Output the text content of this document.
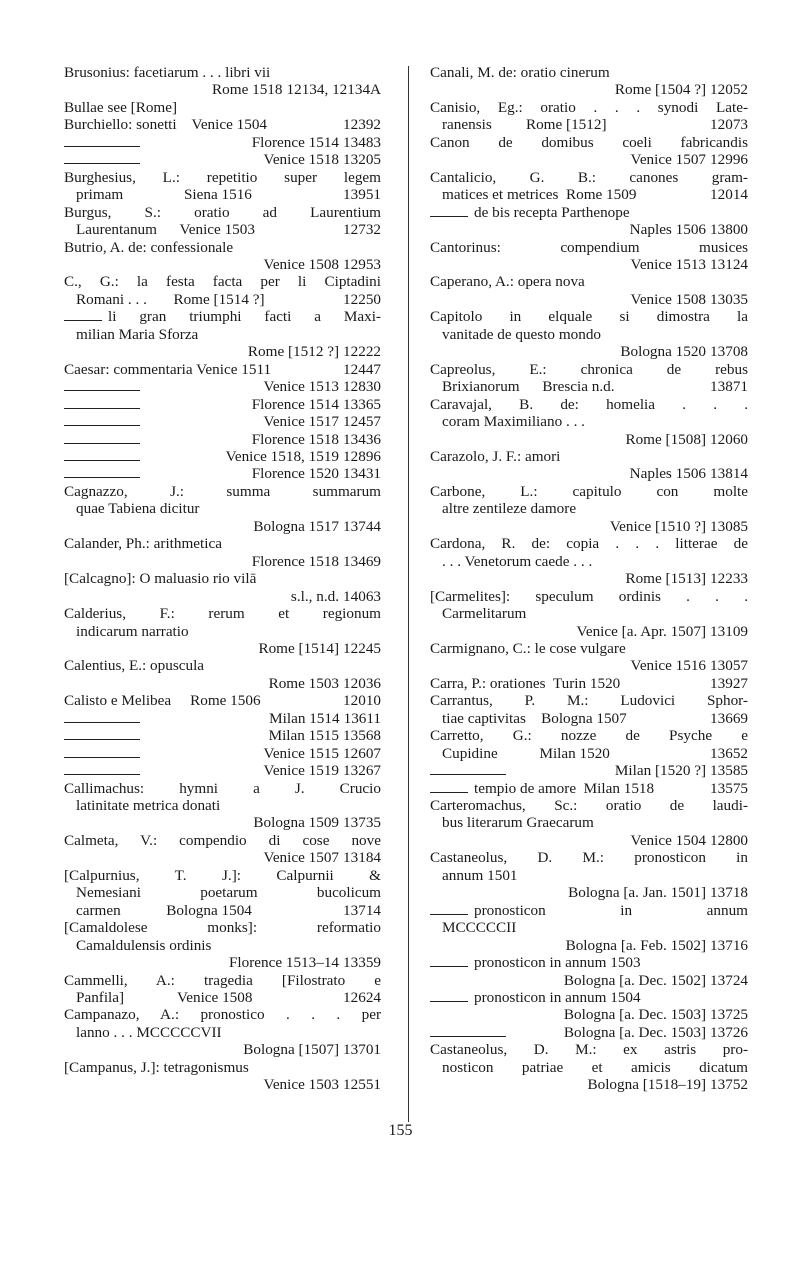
Brusonius: facetiarum . . . libri vii
Rome 1518 12134, 12134A
Bullae see [Rome]
Burchiello: sonetti    Venice 1504	12392
Florence 1514 13483
Venice 1518 13205
Burghesius, L.: repetitio super legem
primam                Siena 1516	13951
Burgus, S.: oratio ad Laurentium
Laurentanum      Venice 1503	12732
Butrio, A. de: confessionale
Venice 1508 12953
C., G.: la festa facta per li Ciptadini
Romani . . .       Rome [1514 ?]	12250
li gran triumphi facti a Maxi-
milian Maria Sforza
Rome [1512 ?] 12222
Caesar: commentaria Venice 1511	12447
Venice 1513 12830
Florence 1514 13365
Venice 1517 12457
Florence 1518 13436
Venice 1518, 1519 12896
Florence 1520 13431
Cagnazzo, J.: summa summarum
quae Tabiena dicitur
Bologna 1517 13744
Calander, Ph.: arithmetica
Florence 1518 13469
[Calcagno]: O maluasio rio vilā
s.l., n.d. 14063
Calderius, F.: rerum et regionum
indicarum narratio
Rome [1514] 12245
Calentius, E.: opuscula
Rome 1503 12036
Calisto e Melibea     Rome 1506	12010
Milan 1514 13611
Milan 1515 13568
Venice 1515 12607
Venice 1519 13267
Callimachus: hymni a J. Crucio
latinitate metrica donati
Bologna 1509 13735
Calmeta, V.: compendio di cose nove
Venice 1507 13184
[Calpurnius, T. J.]: Calpurnii &
Nemesiani poetarum bucolicum
carmen            Bologna 1504	13714
[Camaldolese monks]: reformatio
Camaldulensis ordinis
Florence 1513–14 13359
Cammelli, A.: tragedia [Filostrato e
Panfila]              Venice 1508	12624
Campanazo, A.: pronostico . . . per
lanno . . . MCCCCCVII
Bologna [1507] 13701
[Campanus, J.]: tetragonismus
Venice 1503 12551
Canali, M. de: oratio cinerum
Rome [1504 ?] 12052
Canisio, Eg.: oratio . . . synodi Late-
ranensis         Rome [1512]	12073
Canon de domibus coeli fabricandis
Venice 1507 12996
Cantalicio, G. B.: canones gram-
matices et metrices  Rome 1509	12014
de bis recepta Parthenope
Naples 1506 13800
Cantorinus: compendium musices
Venice 1513 13124
Caperano, A.: opera nova
Venice 1508 13035
Capitolo in elquale si dimostra la
vanitade de questo mondo
Bologna 1520 13708
Capreolus, E.: chronica de rebus
Brixianorum      Brescia n.d.	13871
Caravajal, B. de: homelia . . .
coram Maximiliano . . .
Rome [1508] 12060
Carazolo, J. F.: amori
Naples 1506 13814
Carbone, L.: capitulo con molte
altre zentileze damore
Venice [1510 ?] 13085
Cardona, R. de: copia . . . litterae de
. . . Venetorum caede . . .
Rome [1513] 12233
[Carmelites]: speculum ordinis . . .
Carmelitarum
Venice [a. Apr. 1507] 13109
Carmignano, C.: le cose vulgare
Venice 1516 13057
Carra, P.: orationes  Turin 1520	13927
Carrantus, P. M.: Ludovici Sphor-
tiae captivitas    Bologna 1507	13669
Carretto, G.: nozze de Psyche e
Cupidine           Milan 1520	13652
Milan [1520 ?] 13585
tempio de amore  Milan 1518	13575
Carteromachus, Sc.: oratio de laudi-
bus literarum Graecarum
Venice 1504 12800
Castaneolus, D. M.: pronosticon in
annum 1501
Bologna [a. Jan. 1501] 13718
pronosticon    in    annum
MCCCCCII
Bologna [a. Feb. 1502] 13716
pronosticon in annum 1503
Bologna [a. Dec. 1502] 13724
pronosticon in annum 1504
Bologna [a. Dec. 1503] 13725
Bologna [a. Dec. 1503] 13726
Castaneolus, D. M.: ex astris pro-
nosticon patriae et amicis dicatum
Bologna [1518–19] 13752
155
